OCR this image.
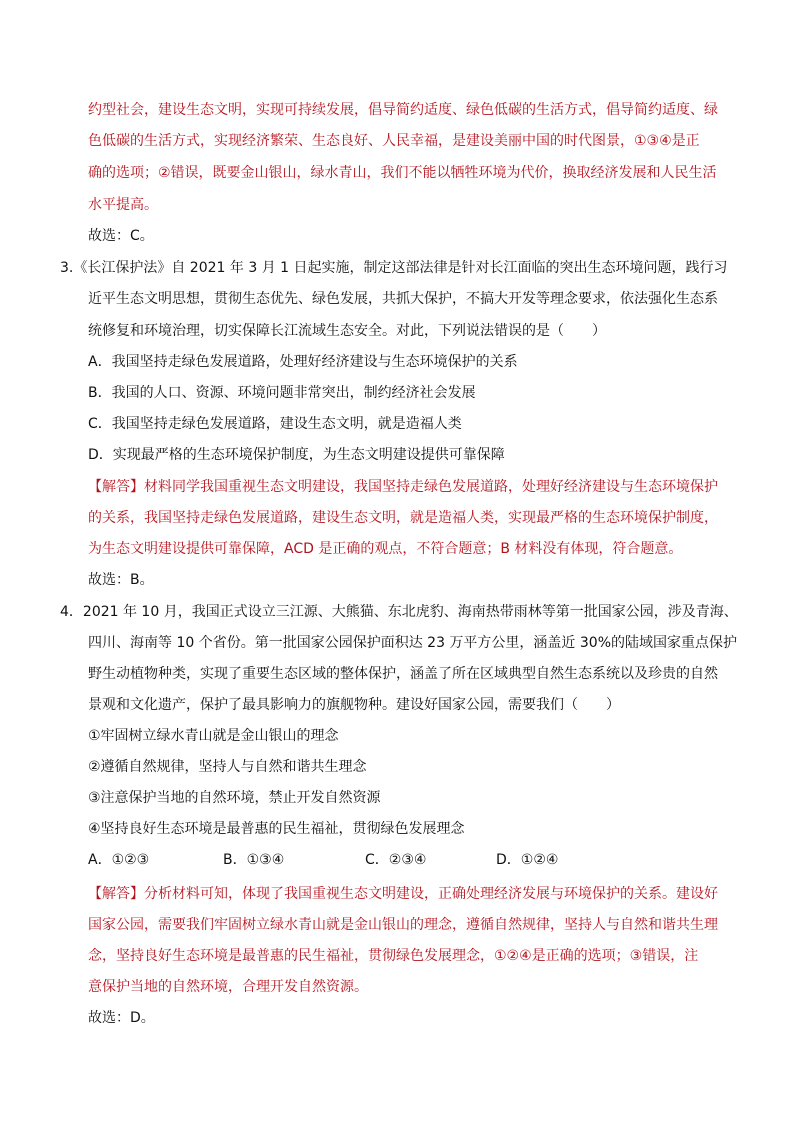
约型社会，建设生态文明，实现可持续发展，倡导简约适度、绿色低碳的生活方式，倡导简约适度、绿
色低碳的生活方式，实现经济繁荣、生态良好、人民幸福，是建设美丽中国的时代图景，①③④是正
确的选项；②错误，既要金山银山，绿水青山，我们不能以牺牲环境为代价，换取经济发展和人民生活
水平提高。
故选：C。
3.《长江保护法》自 2021 年 3 月 1 日起实施，制定这部法律是针对长江面临的突出生态环境问题，践行习
近平生态文明思想，贯彻生态优先、绿色发展，共抓大保护，不搞大开发等理念要求，依法强化生态系
统修复和环境治理，切实保障长江流域生态安全。对此，下列说法错误的是（　　）
A．我国坚持走绿色发展道路，处理好经济建设与生态环境保护的关系
B．我国的人口、资源、环境问题非常突出，制约经济社会发展
C．我国坚持走绿色发展道路，建设生态文明，就是造福人类
D．实现最严格的生态环境保护制度，为生态文明建设提供可靠保障
【解答】材料同学我国重视生态文明建设，我国坚持走绿色发展道路，处理好经济建设与生态环境保护
的关系，我国坚持走绿色发展道路，建设生态文明，就是造福人类，实现最严格的生态环境保护制度，
为生态文明建设提供可靠保障，ACD 是正确的观点，不符合题意；B 材料没有体现，符合题意。
故选：B。
4．2021 年 10 月，我国正式设立三江源、大熊猫、东北虎豹、海南热带雨林等第一批国家公园，涉及青海、
四川、海南等 10 个省份。第一批国家公园保护面积达 23 万平方公里，涵盖近 30%的陆域国家重点保护
野生动植物种类，实现了重要生态区域的整体保护，涵盖了所在区域典型自然生态系统以及珍贵的自然
景观和文化遗产，保护了最具影响力的旗舰物种。建设好国家公园，需要我们（　　）
①牢固树立绿水青山就是金山银山的理念
②遵循自然规律，坚持人与自然和谐共生理念
③注意保护当地的自然环境，禁止开发自然资源
④坚持良好生态环境是最普惠的民生福祉，贯彻绿色发展理念
A．①②③	B．①③④	C．②③④	D．①②④
【解答】分析材料可知，体现了我国重视生态文明建设，正确处理经济发展与环境保护的关系。建设好
国家公园，需要我们牢固树立绿水青山就是金山银山的理念，遵循自然规律，坚持人与自然和谐共生理
念，坚持良好生态环境是最普惠的民生福祉，贯彻绿色发展理念，①②④是正确的选项；③错误，注
意保护当地的自然环境，合理开发自然资源。
故选：D。
